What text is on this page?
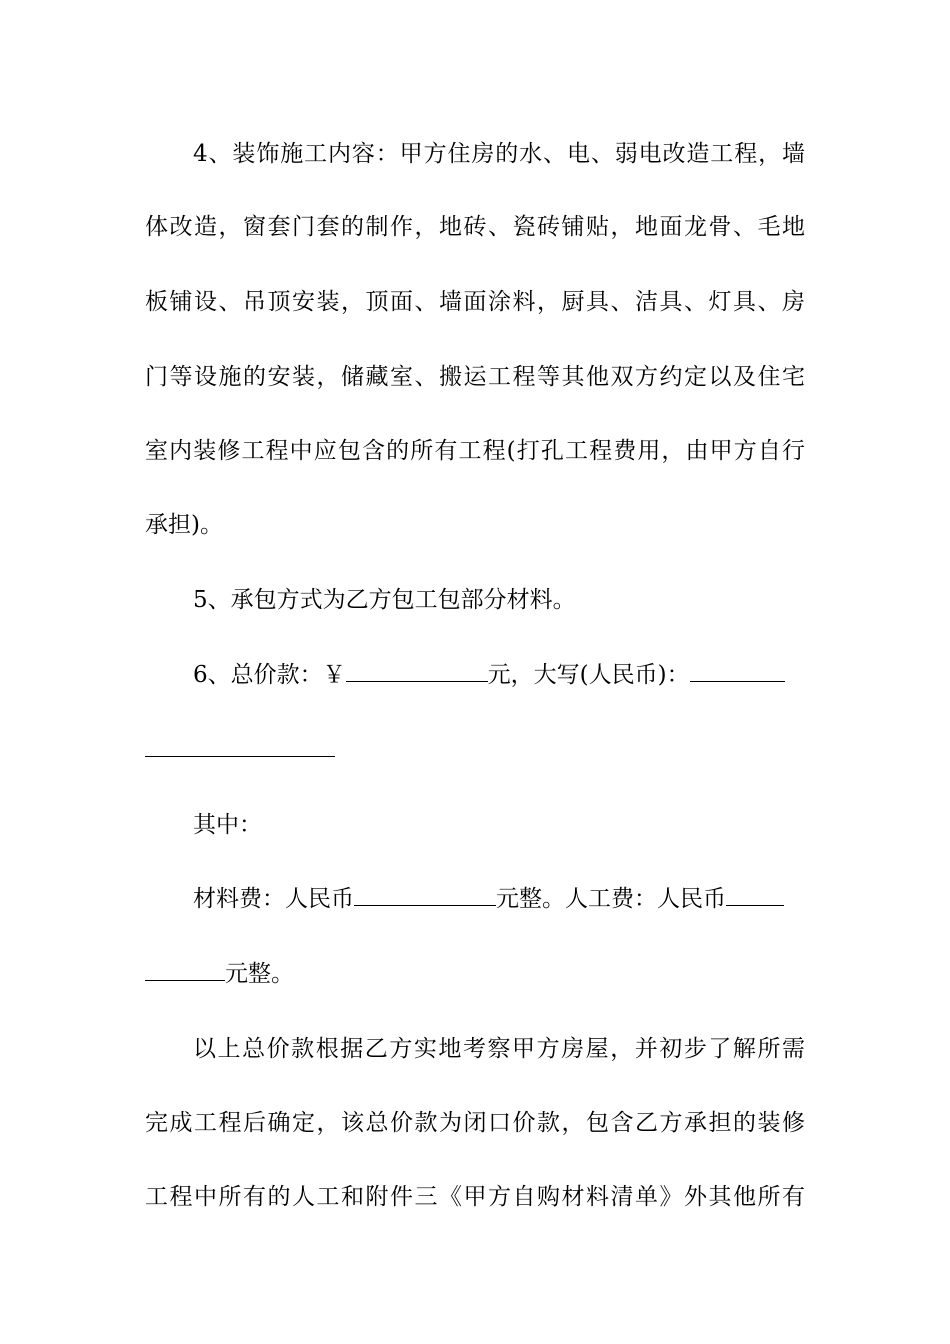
4、装饰施工内容：甲方住房的水、电、弱电改造工程，墙
体改造，窗套门套的制作，地砖、瓷砖铺贴，地面龙骨、毛地
板铺设、吊顶安装，顶面、墙面涂料，厨具、洁具、灯具、房
门等设施的安装，储藏室、搬运工程等其他双方约定以及住宅
室内装修工程中应包含的所有工程(打孔工程费用，由甲方自行
承担)。
5、承包方式为乙方包工包部分材料。
6、总价款：￥	元，大写(人民币)：
其中：
材料费：人民币	元整。人工费：人民币
元整。
以上总价款根据乙方实地考察甲方房屋，并初步了解所需
完成工程后确定，该总价款为闭口价款，包含乙方承担的装修
工程中所有的人工和附件三《甲方自购材料清单》外其他所有
